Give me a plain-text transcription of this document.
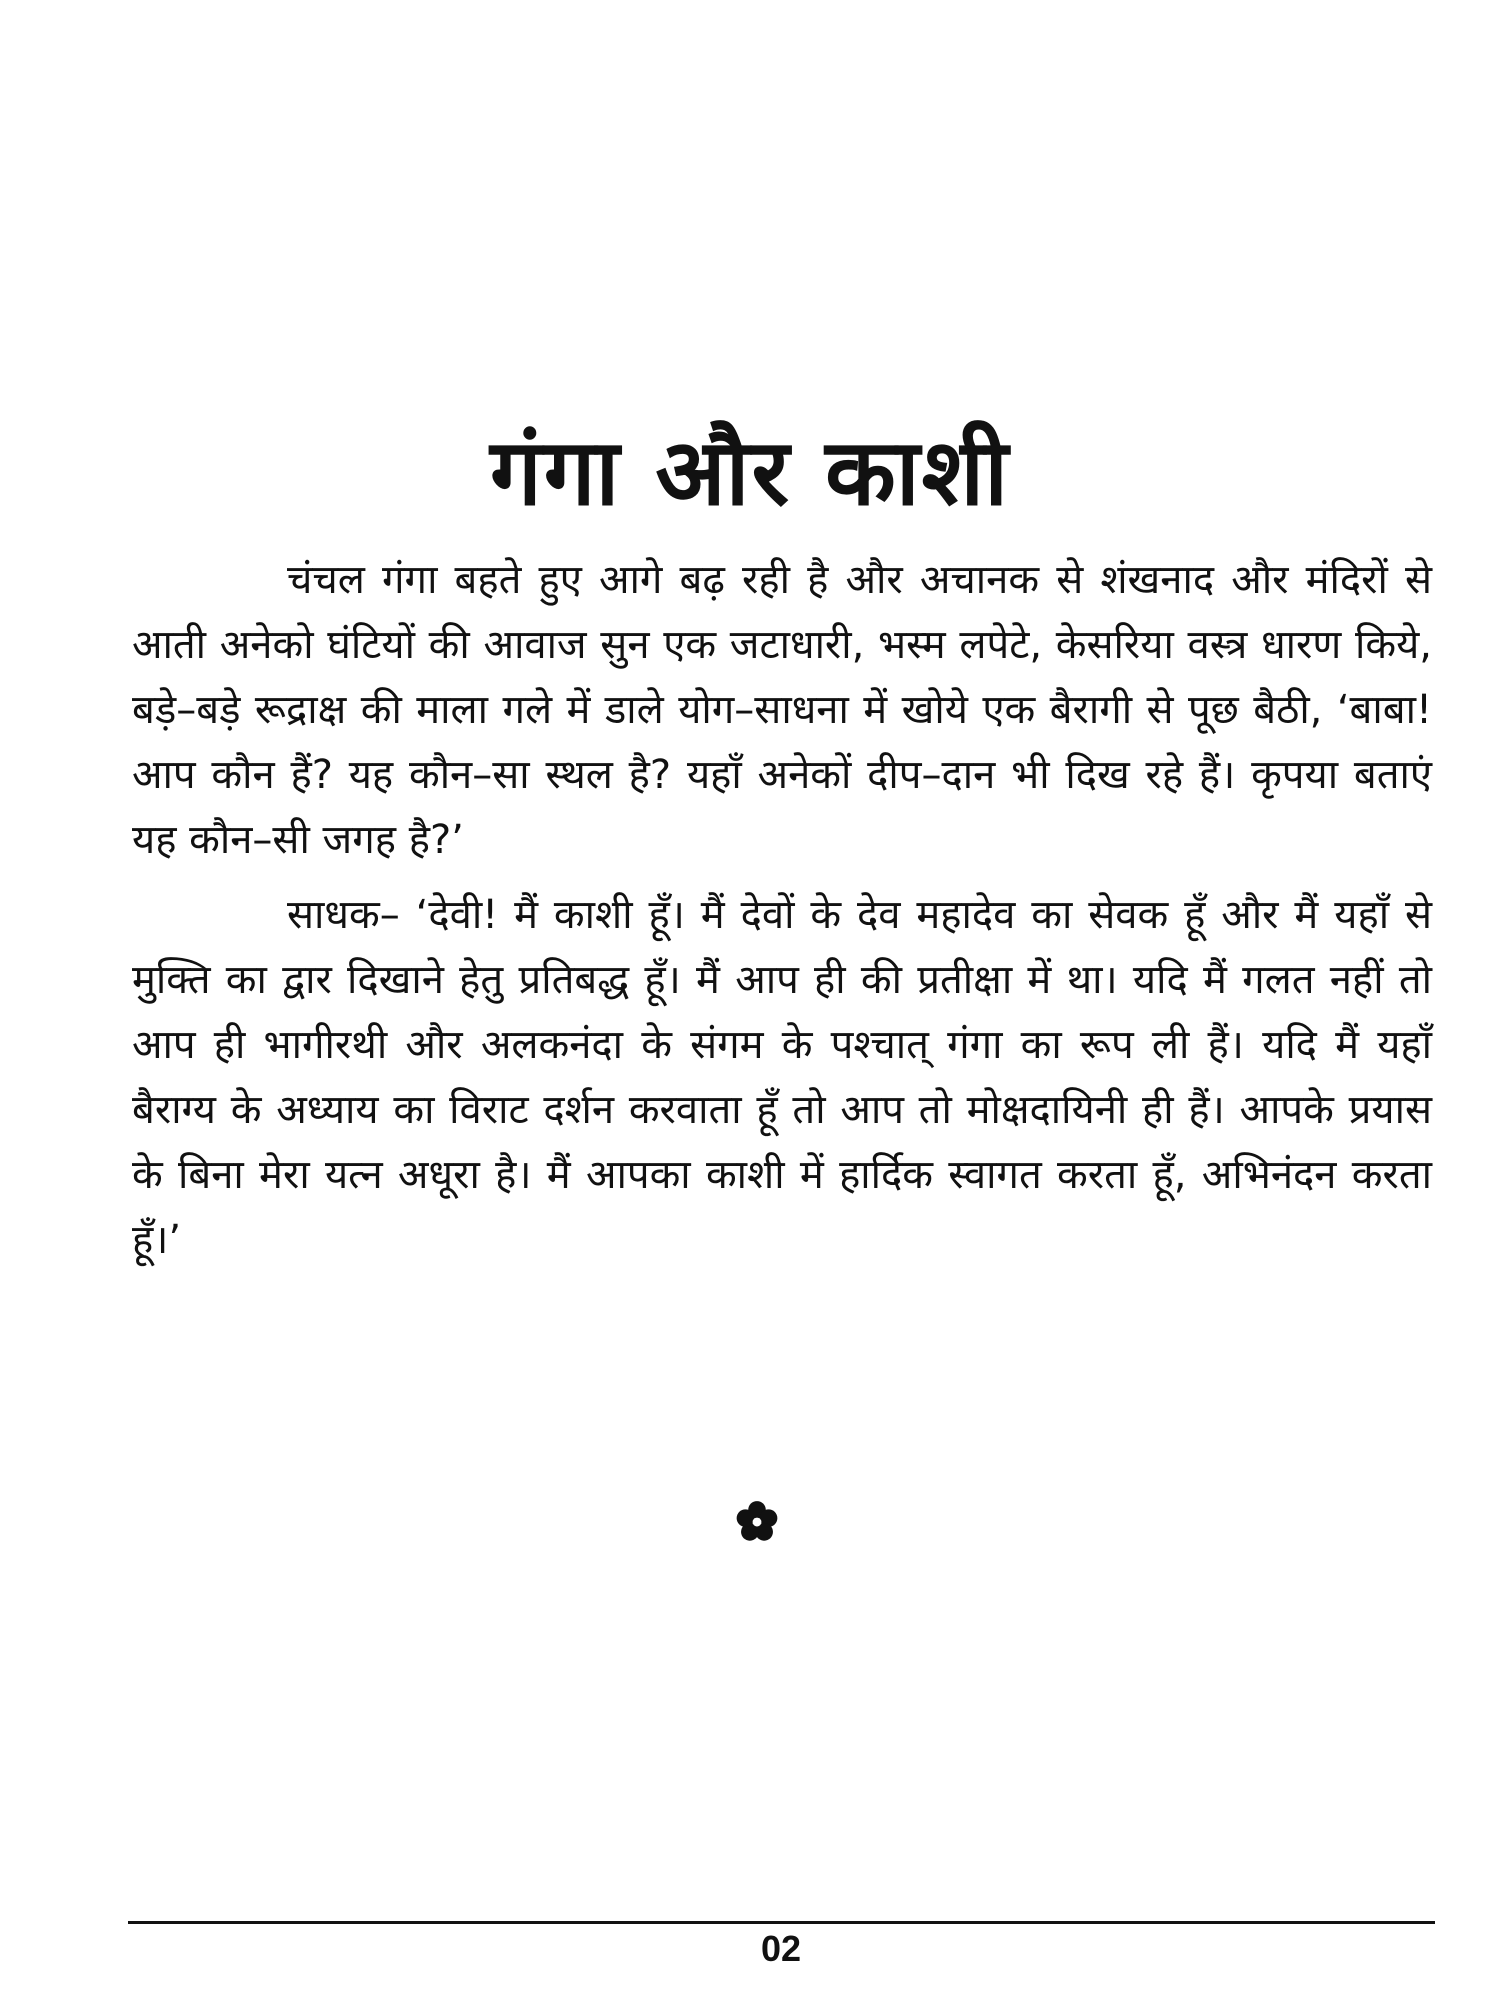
गंगा और काशी

चंचल गंगा बहते हुए आगे बढ़ रही है और अचानक से शंखनाद और मंदिरों से आती अनेको घंटियों की आवाज सुन एक जटाधारी, भस्म लपेटे, केसरिया वस्त्र धारण किये, बड़े–बड़े रूद्राक्ष की माला गले में डाले योग–साधना में खोये एक बैरागी से पूछ बैठी, ‘बाबा! आप कौन हैं? यह कौन–सा स्थल है? यहाँ अनेकों दीप–दान भी दिख रहे हैं। कृपया बताएं यह कौन–सी जगह है?’

साधक– ‘देवी! मैं काशी हूँ। मैं देवों के देव महादेव का सेवक हूँ और मैं यहाँ से मुक्ति का द्वार दिखाने हेतु प्रतिबद्ध हूँ। मैं आप ही की प्रतीक्षा में था। यदि मैं गलत नहीं तो आप ही भागीरथी और अलकनंदा के संगम के पश्चात् गंगा का रूप ली हैं। यदि मैं यहाँ बैराग्य के अध्याय का विराट दर्शन करवाता हूँ तो आप तो मोक्षदायिनी ही हैं। आपके प्रयास के बिना मेरा यत्न अधूरा है। मैं आपका काशी में हार्दिक स्वागत करता हूँ, अभिनंदन करता हूँ।’

02
